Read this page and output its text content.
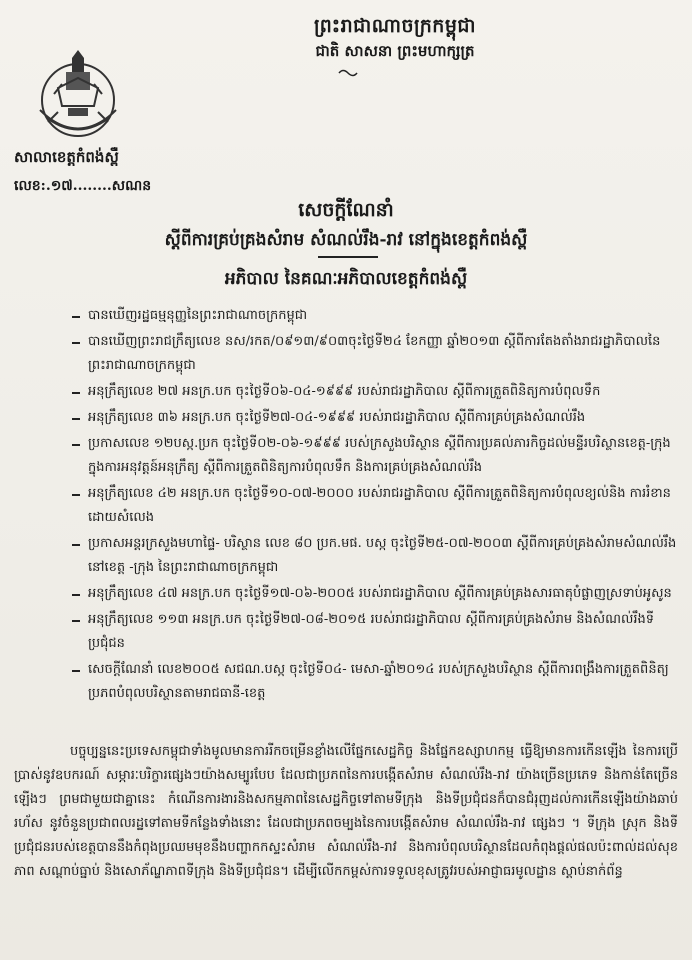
ព្រះរាជាណាចក្រកម្ពុជា
ជាតិ សាសនា ព្រះមហាក្សត្រ
សាលាខេត្តកំពង់ស្ពឺ
លេខ:.១៧........សណន
សេចក្តីណែនាំ
ស្តីពីការគ្រប់គ្រងសំរាម សំណល់រឹង-រាវ នៅក្នុងខេត្តកំពង់ស្ពឺ
អភិបាល នៃគណៈអភិបាលខេត្តកំពង់ស្ពឺ
បានឃើញរដ្ឋធម្មនុញ្ញនៃព្រះរាជាណាចក្រកម្ពុជា
បានឃើញព្រះរាជក្រឹត្យលេខ នស/រកត/០៩១៣/៩០៣ចុះថ្ងៃទី២៤ ខែកញ្ញា ឆ្នាំ២០១៣ ស្តីពីការតែងតាំងរាជរដ្ឋាភិបាលនៃព្រះរាជាណាចក្រកម្ពុជា
អនុក្រឹត្យលេខ ២៧ អនក្រ.បក ចុះថ្ងៃទី០៦-០៤-១៩៩៩ របស់រាជរដ្ឋាភិបាល ស្តីពីការត្រួតពិនិត្យការបំពុលទឹក
អនុក្រឹត្យលេខ ៣៦ អនក្រ.បក ចុះថ្ងៃទី២៧-០៤-១៩៩៩ របស់រាជរដ្ឋាភិបាល ស្តីពីការគ្រប់គ្រងសំណល់រឹង
ប្រកាសលេខ ១២បស្ក.ប្រក ចុះថ្ងៃទី០២-០៦-១៩៩៩ របស់ក្រសួងបរិស្ថាន ស្តីពីការប្រគល់ភារកិច្ចដល់មន្ទីរបរិស្ថានខេត្ត-ក្រុង ក្នុងការអនុវត្តន៍អនុក្រឹត្យ ស្តីពីការត្រួតពិនិត្យការបំពុលទឹក និងការគ្រប់គ្រងសំណល់រឹង
អនុក្រឹត្យលេខ ៤២ អនក្រ.បក ចុះថ្ងៃទី១០-០៧-២០០០ របស់រាជរដ្ឋាភិបាល ស្តីពីការត្រួតពិនិត្យការបំពុលខ្យល់និង ការរំខានដោយសំលេង
ប្រកាសអន្តរក្រសួងមហាផ្ទៃ- បរិស្ថាន លេខ ៨០ ប្រក.មផ. បស្ក ចុះថ្ងៃទី២៥-០៧-២០០៣ ស្តីពីការគ្រប់គ្រងសំរាមសំណល់រឹង នៅខេត្ត -ក្រុង នៃព្រះរាជាណាចក្រកម្ពុជា
អនុក្រឹត្យលេខ ៤៧ អនក្រ.បក ចុះថ្ងៃទី១៧-០៦-២០០៥ របស់រាជរដ្ឋាភិបាល ស្តីពីការគ្រប់គ្រងសារធាតុបំផ្លាញស្រទាប់អូសូន
អនុក្រឹត្យលេខ ១១៣ អនក្រ.បក ចុះថ្ងៃទី២៧-០៨-២០១៥ របស់រាជរដ្ឋាភិបាល ស្តីពីការគ្រប់គ្រងសំរាម និងសំណល់រឹងទីប្រជុំជន
សេចក្តីណែនាំ លេខ២០០៥ សជណ.បស្ក ចុះថ្ងៃទី០៤- មេសា-ឆ្នាំ២០១៤ របស់ក្រសួងបរិស្ថាន ស្តីពីការពង្រឹងការត្រួតពិនិត្យប្រភពបំពុលបរិស្ថានតាមរាជធានី-ខេត្ត
បច្ចុប្បន្ននេះប្រទេសកម្ពុជាទាំងមូលមានការរីកចម្រើនខ្លាំងលើផ្នែកសេដ្ឋកិច្ច និងផ្នែកឧស្សាហកម្ម ធ្វើឱ្យមានការកើនឡើង នៃការប្រើប្រាស់នូវឧបករណ៍ សម្ភារៈបរិក្ខារផ្សេងៗយ៉ាងសម្បូរបែប ដែលជាប្រភពនៃការបង្កើតសំរាម សំណល់រឹង-រាវ យ៉ាងច្រើនប្រភេទ និងកាន់តែច្រើនឡើងៗ ព្រមជាមួយជាគ្នានេះ កំណើនការងារនិងសកម្មភាពនៃសេដ្ឋកិច្ចទៅតាមទីក្រុង និងទីប្រជុំជនក៏បានជំរុញដល់ការកើនឡើងយ៉ាងឆាប់រហ័ស នូវចំនួនប្រជាពលរដ្ឋទៅតាមទីកន្លែងទាំងនោះ ដែលជាប្រភពចម្បងនៃការបង្កើតសំរាម សំណល់រឹង-រាវ ផ្សេងៗ ។ ទីក្រុង ស្រុក និងទីប្រជុំជនរបស់ខេត្តបាននឹងកំពុងប្រឈមមុខនឹងបញ្ហាកកស្ទះសំរាម សំណល់រឹង-រាវ និងការបំពុលបរិស្ថានដែលកំពុងផ្តល់ផលប៉ះពាល់ដល់សុខភាព សណ្តាប់ធ្នាប់ និងសោភ័ណ្ឌភាពទីក្រុង និងទីប្រជុំជន។ ដើម្បីលើកកម្ពស់ការទទួលខុសត្រូវរបស់អាជ្ញាធរមូលដ្ឋាន ស្តាប់នាក់ព័ន្ធ
